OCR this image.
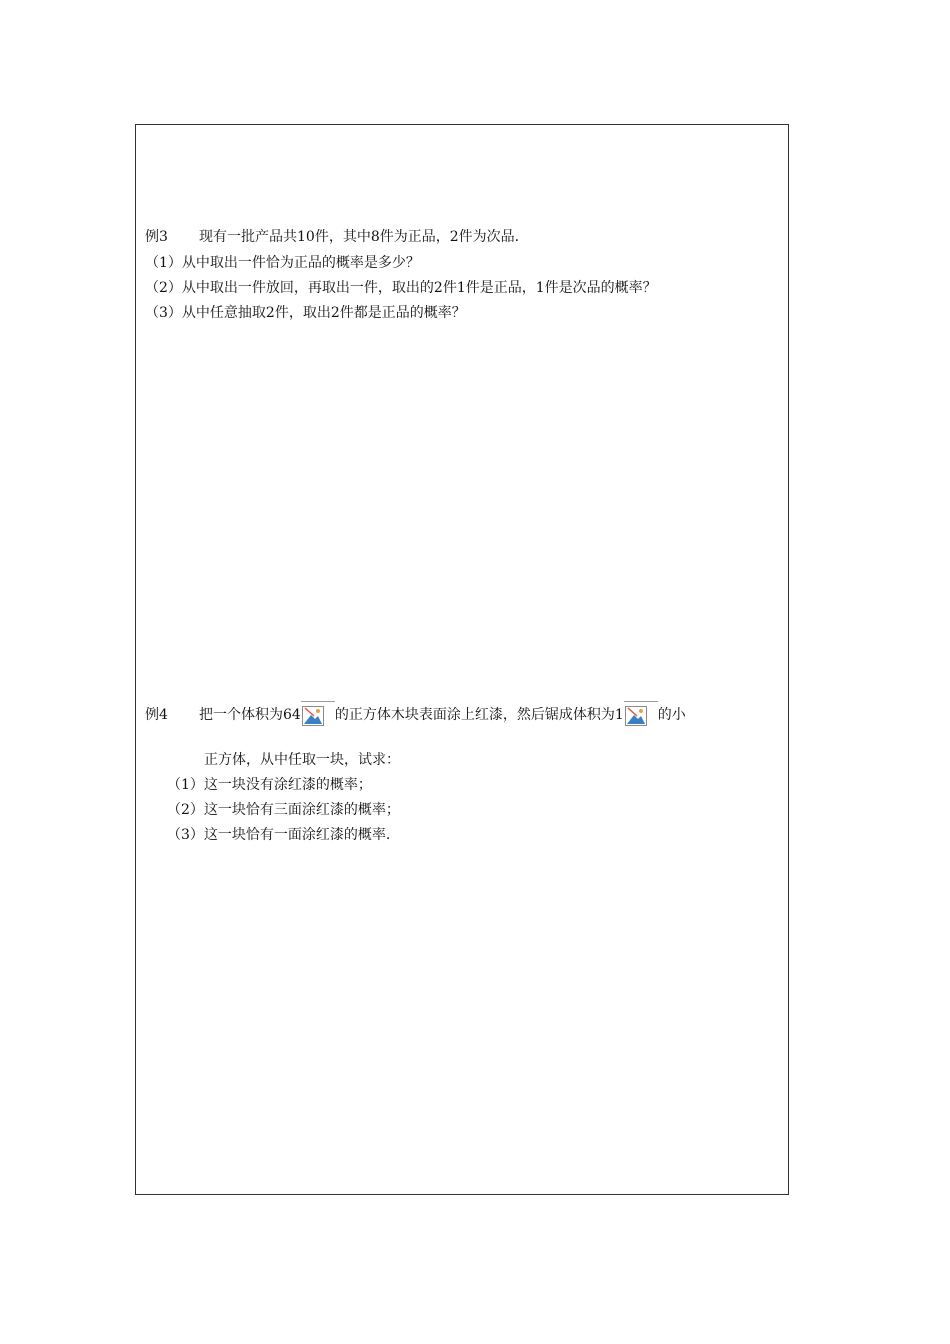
例3 现有一批产品共10件，其中8件为正品，2件为次品.
（1）从中取出一件恰为正品的概率是多少？
（2）从中取出一件放回，再取出一件，取出的2件1件是正品，1件是次品的概率？
（3）从中任意抽取2件，取出2件都是正品的概率？
例4 把一个体积为64 的正方体木块表面涂上红漆，然后锯成体积为1 的小
正方体，从中任取一块，试求：
（1）这一块没有涂红漆的概率；
（2）这一块恰有三面涂红漆的概率；
（3）这一块恰有一面涂红漆的概率.
